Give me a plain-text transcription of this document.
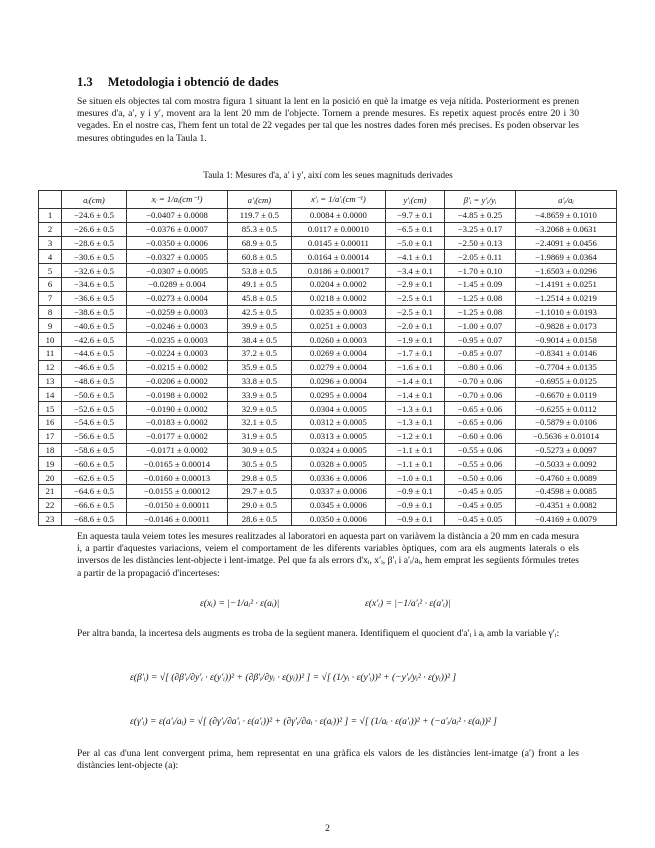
1.3 Metodologia i obtenció de dades
Se situen els objectes tal com mostra figura 1 situant la lent en la posició en què la imatge es veja nítida. Posteriorment es prenen mesures d'a, a′, y i y′, movent ara la lent 20 mm de l'objecte. Tornem a prende mesures. Es repetix aquest procés entre 20 i 30 vegades. En el nostre cas, l'hem fent un total de 22 vegades per tal que les nostres dades foren més precises. Es poden observar les mesures obtingudes en la Taula 1.
Taula 1: Mesures d'a, a′ i y′, així com les seues magnituds derivades
	aᵢ(cm)	xᵢ = 1/aᵢ(cm⁻¹)	a′ᵢ(cm)	x′ᵢ = 1/a′ᵢ(cm⁻¹)	y′ᵢ(cm)	β′ᵢ = y′ᵢ/yᵢ	a′ᵢ/aᵢ
1	−24.6 ± 0.5	−0.0407 ± 0.0008	119.7 ± 0.5	0.0084 ± 0.0000	−9.7 ± 0.1	−4.85 ± 0.25	−4.8659 ± 0.1010
2	−26.6 ± 0.5	−0.0376 ± 0.0007	85.3 ± 0.5	0.0117 ± 0.00010	−6.5 ± 0.1	−3.25 ± 0.17	−3.2068 ± 0.0631
3	−28.6 ± 0.5	−0.0350 ± 0.0006	68.9 ± 0.5	0.0145 ± 0.00011	−5.0 ± 0.1	−2.50 ± 0.13	−2.4091 ± 0.0456
4	−30.6 ± 0.5	−0.0327 ± 0.0005	60.8 ± 0.5	0.0164 ± 0.00014	−4.1 ± 0.1	−2.05 ± 0.11	−1.9869 ± 0.0364
5	−32.6 ± 0.5	−0.0307 ± 0.0005	53.8 ± 0.5	0.0186 ± 0.00017	−3.4 ± 0.1	−1.70 ± 0.10	−1.6503 ± 0.0296
6	−34.6 ± 0.5	−0.0289 ± 0.004	49.1 ± 0.5	0.0204 ± 0.0002	−2.9 ± 0.1	−1.45 ± 0.09	−1.4191 ± 0.0251
7	−36.6 ± 0.5	−0.0273 ± 0.0004	45.8 ± 0.5	0.0218 ± 0.0002	−2.5 ± 0.1	−1.25 ± 0.08	−1.2514 ± 0.0219
8	−38.6 ± 0.5	−0.0259 ± 0.0003	42.5 ± 0.5	0.0235 ± 0.0003	−2.5 ± 0.1	−1.25 ± 0.08	−1.1010 ± 0.0193
9	−40.6 ± 0.5	−0.0246 ± 0.0003	39.9 ± 0.5	0.0251 ± 0.0003	−2.0 ± 0.1	−1.00 ± 0.07	−0.9828 ± 0.0173
10	−42.6 ± 0.5	−0.0235 ± 0.0003	38.4 ± 0.5	0.0260 ± 0.0003	−1.9 ± 0.1	−0.95 ± 0.07	−0.9014 ± 0.0158
11	−44.6 ± 0.5	−0.0224 ± 0.0003	37.2 ± 0.5	0.0269 ± 0.0004	−1.7 ± 0.1	−0.85 ± 0.07	−0.8341 ± 0.0146
12	−46.6 ± 0.5	−0.0215 ± 0.0002	35.9 ± 0.5	0.0279 ± 0.0004	−1.6 ± 0.1	−0.80 ± 0.06	−0.7704 ± 0.0135
13	−48.6 ± 0.5	−0.0206 ± 0.0002	33.8 ± 0.5	0.0296 ± 0.0004	−1.4 ± 0.1	−0.70 ± 0.06	−0.6955 ± 0.0125
14	−50.6 ± 0.5	−0.0198 ± 0.0002	33.9 ± 0.5	0.0295 ± 0.0004	−1.4 ± 0.1	−0.70 ± 0.06	−0.6670 ± 0.0119
15	−52.6 ± 0.5	−0.0190 ± 0.0002	32.9 ± 0.5	0.0304 ± 0.0005	−1.3 ± 0.1	−0.65 ± 0.06	−0.6255 ± 0.0112
16	−54.6 ± 0.5	−0.0183 ± 0.0002	32.1 ± 0.5	0.0312 ± 0.0005	−1.3 ± 0.1	−0.65 ± 0.06	−0.5879 ± 0.0106
17	−56.6 ± 0.5	−0.0177 ± 0.0002	31.9 ± 0.5	0.0313 ± 0.0005	−1.2 ± 0.1	−0.60 ± 0.06	−0.5636 ± 0.01014
18	−58.6 ± 0.5	−0.0171 ± 0.0002	30.9 ± 0.5	0.0324 ± 0.0005	−1.1 ± 0.1	−0.55 ± 0.06	−0.5273 ± 0.0097
19	−60.6 ± 0.5	−0.0165 ± 0.00014	30.5 ± 0.5	0.0328 ± 0.0005	−1.1 ± 0.1	−0.55 ± 0.06	−0.5033 ± 0.0092
20	−62.6 ± 0.5	−0.0160 ± 0.00013	29.8 ± 0.5	0.0336 ± 0.0006	−1.0 ± 0.1	−0.50 ± 0.06	−0.4760 ± 0.0089
21	−64.6 ± 0.5	−0.0155 ± 0.00012	29.7 ± 0.5	0.0337 ± 0.0006	−0.9 ± 0.1	−0.45 ± 0.05	−0.4598 ± 0.0085
22	−66.6 ± 0.5	−0.0150 ± 0.00011	29.0 ± 0.5	0.0345 ± 0.0006	−0.9 ± 0.1	−0.45 ± 0.05	−0.4351 ± 0.0082
23	−68.6 ± 0.5	−0.0146 ± 0.00011	28.6 ± 0.5	0.0350 ± 0.0006	−0.9 ± 0.1	−0.45 ± 0.05	−0.4169 ± 0.0079
En aquesta taula veiem totes les mesures realitzades al laboratori en aquesta part on variàvem la distància a 20 mm en cada mesura i, a partir d'aquestes variacions, veiem el comportament de les diferents variables òptiques, com ara els augments laterals o els inversos de les distàncies lent-objecte i lent-imatge. Pel que fa als errors d'xᵢ, x′ᵢ, β′ᵢ i a′ᵢ/aᵢ, hem emprat les següents fórmules tretes a partir de la propagació d'incerteses:
ε(xᵢ) = |−1/aᵢ² · ε(aᵢ)|	ε(x′ᵢ) = |−1/a′ᵢ² · ε(a′ᵢ)|
Per altra banda, la incertesa dels augments es troba de la següent manera. Identifiquem el quocient d'a′ᵢ i aᵢ amb la variable γ′ᵢ:
ε(β′ᵢ) = √[ (∂β′ᵢ/∂y′ᵢ · ε(y′ᵢ))² + (∂β′ᵢ/∂yᵢ · ε(yᵢ))² ] = √[ (1/yᵢ · ε(y′ᵢ))² + (−y′ᵢ/yᵢ² · ε(yᵢ))² ]
ε(γ′ᵢ) = ε(a′ᵢ/aᵢ) = √[ (∂γ′ᵢ/∂a′ᵢ · ε(a′ᵢ))² + (∂γ′ᵢ/∂aᵢ · ε(aᵢ))² ] = √[ (1/aᵢ · ε(a′ᵢ))² + (−a′ᵢ/aᵢ² · ε(aᵢ))² ]
Per al cas d'una lent convergent prima, hem representat en una gràfica els valors de les distàncies lent-imatge (a′) front a les distàncies lent-objecte (a):
2
